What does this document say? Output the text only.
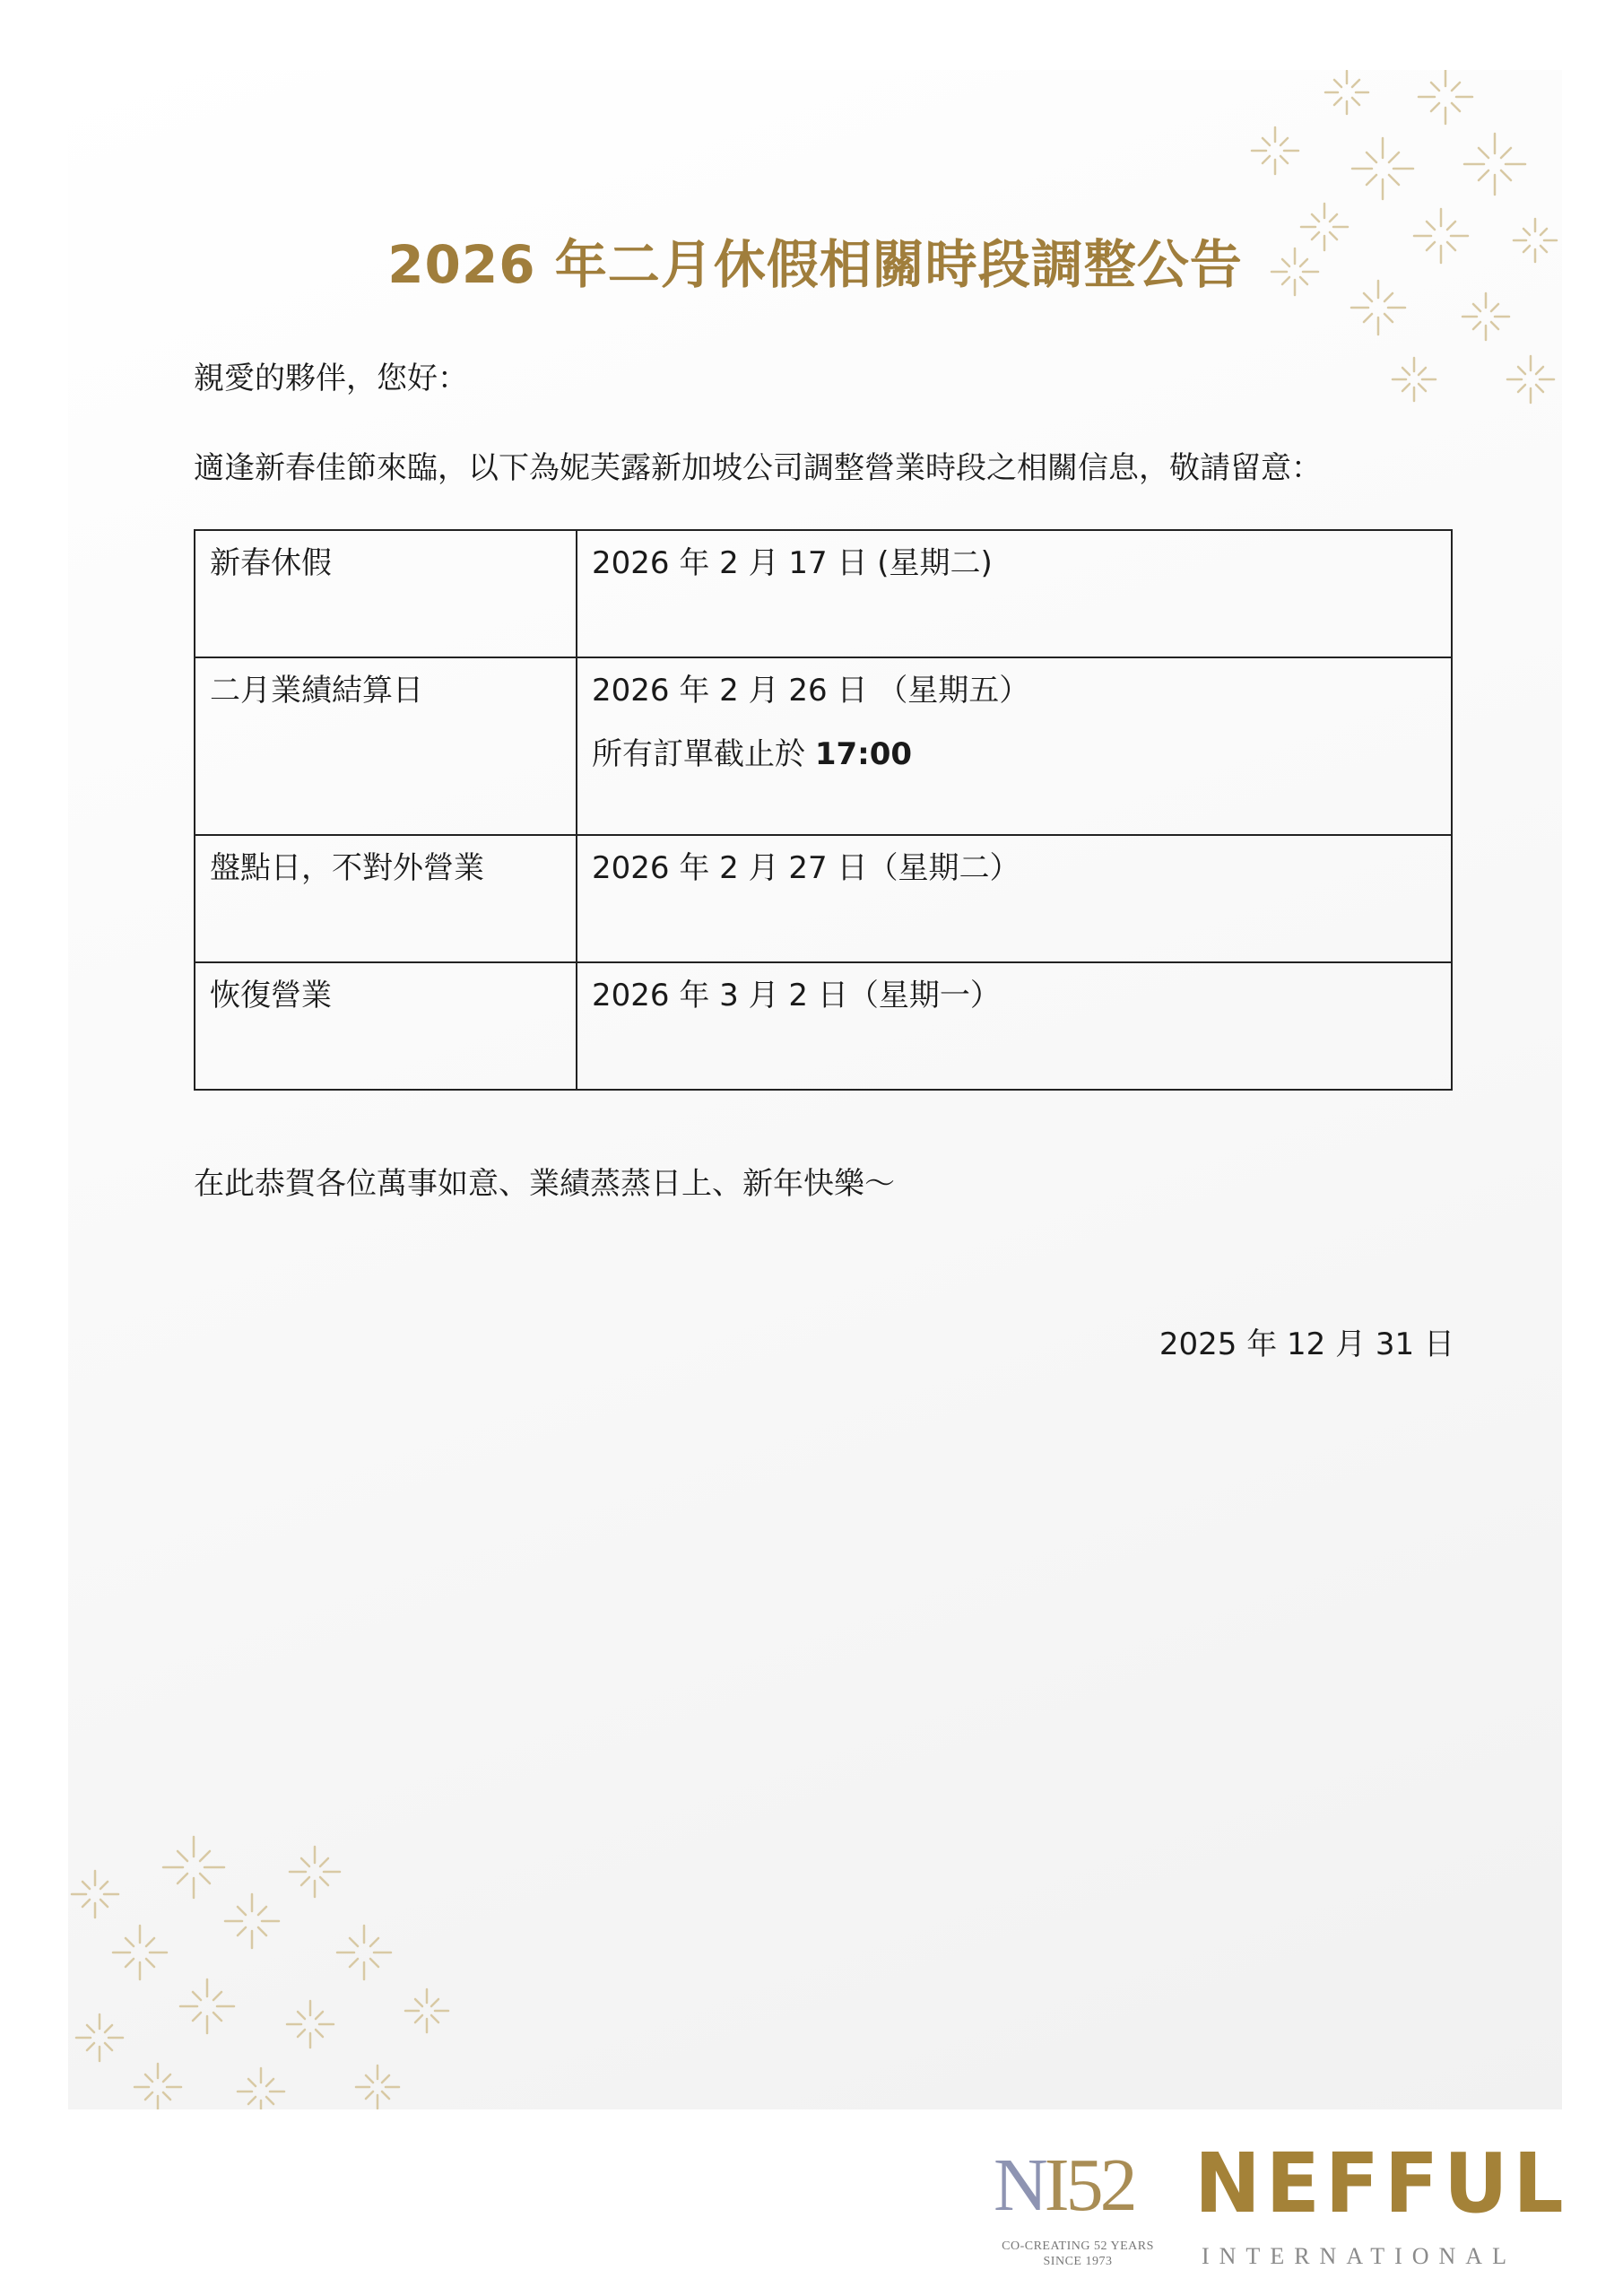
2026 年二月休假相關時段調整公告

親愛的夥伴，您好：

適逢新春佳節來臨，以下為妮芙露新加坡公司調整營業時段之相關信息，敬請留意：

新春休假	2026 年 2 月 17 日 (星期二)
二月業績結算日	2026 年 2 月 26 日 （星期五）
所有訂單截止於 17:00

盤點日，不對外營業	2026 年 2 月 27 日（星期二）
恢復營業	2026 年 3 月 2 日（星期一）

在此恭賀各位萬事如意、業績蒸蒸日上、新年快樂～

2025 年 12 月 31 日

NI52
CO-CREATING 52 YEARS
SINCE 1973
NEFFUL
INTERNATIONAL
